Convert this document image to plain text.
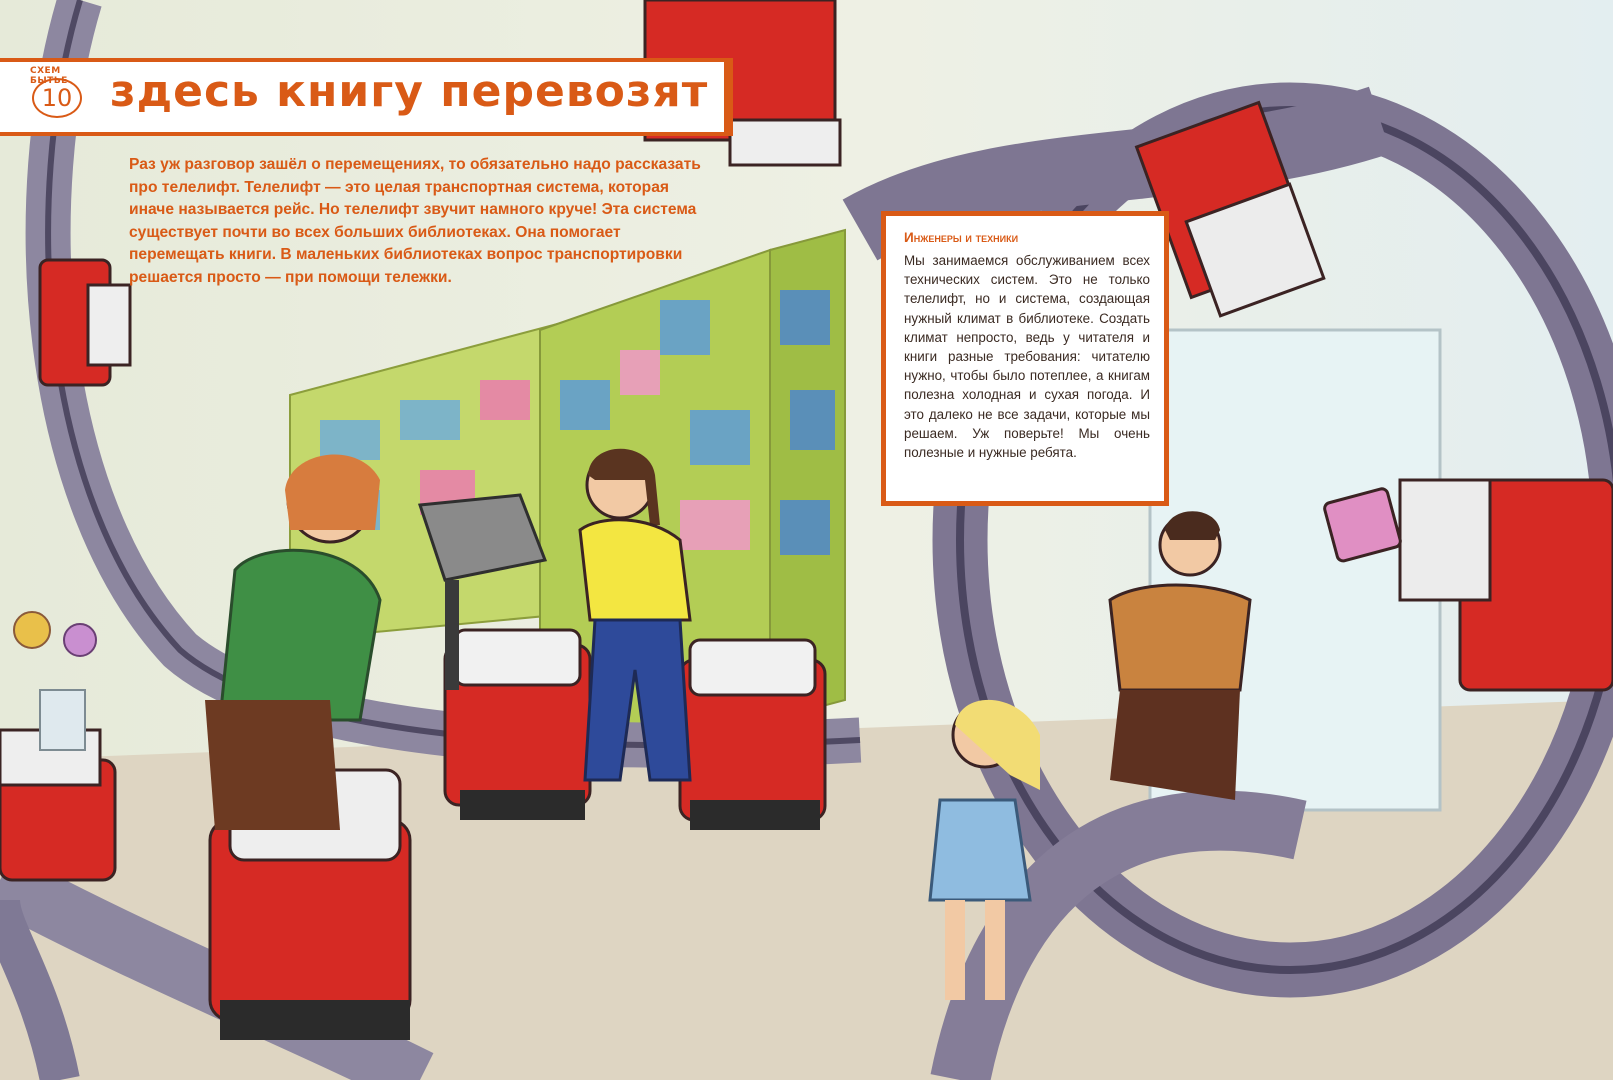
СХЕМ БЫТЬЕ
10 здесь книгу перевозят
Раз уж разговор зашёл о перемещениях, то обязательно надо рассказать про телелифт. Телелифт — это целая транспортная система, которая иначе называется рейс. Но телелифт звучит намного круче! Эта система существует почти во всех больших библиотеках. Она помогает перемещать книги. В маленьких библиотеках вопрос транспортировки решается просто — при помощи тележки.
Инженеры и техники
Мы занимаемся обслуживанием всех технических систем. Это не только телелифт, но и система, создающая нужный климат в библиотеке. Создать климат непросто, ведь у читателя и книги разные требования: читателю нужно, чтобы было потеплее, а книгам полезна холодная и сухая погода. И это далеко не все задачи, которые мы решаем. Уж поверьте! Мы очень полезные и нужные ребята.
